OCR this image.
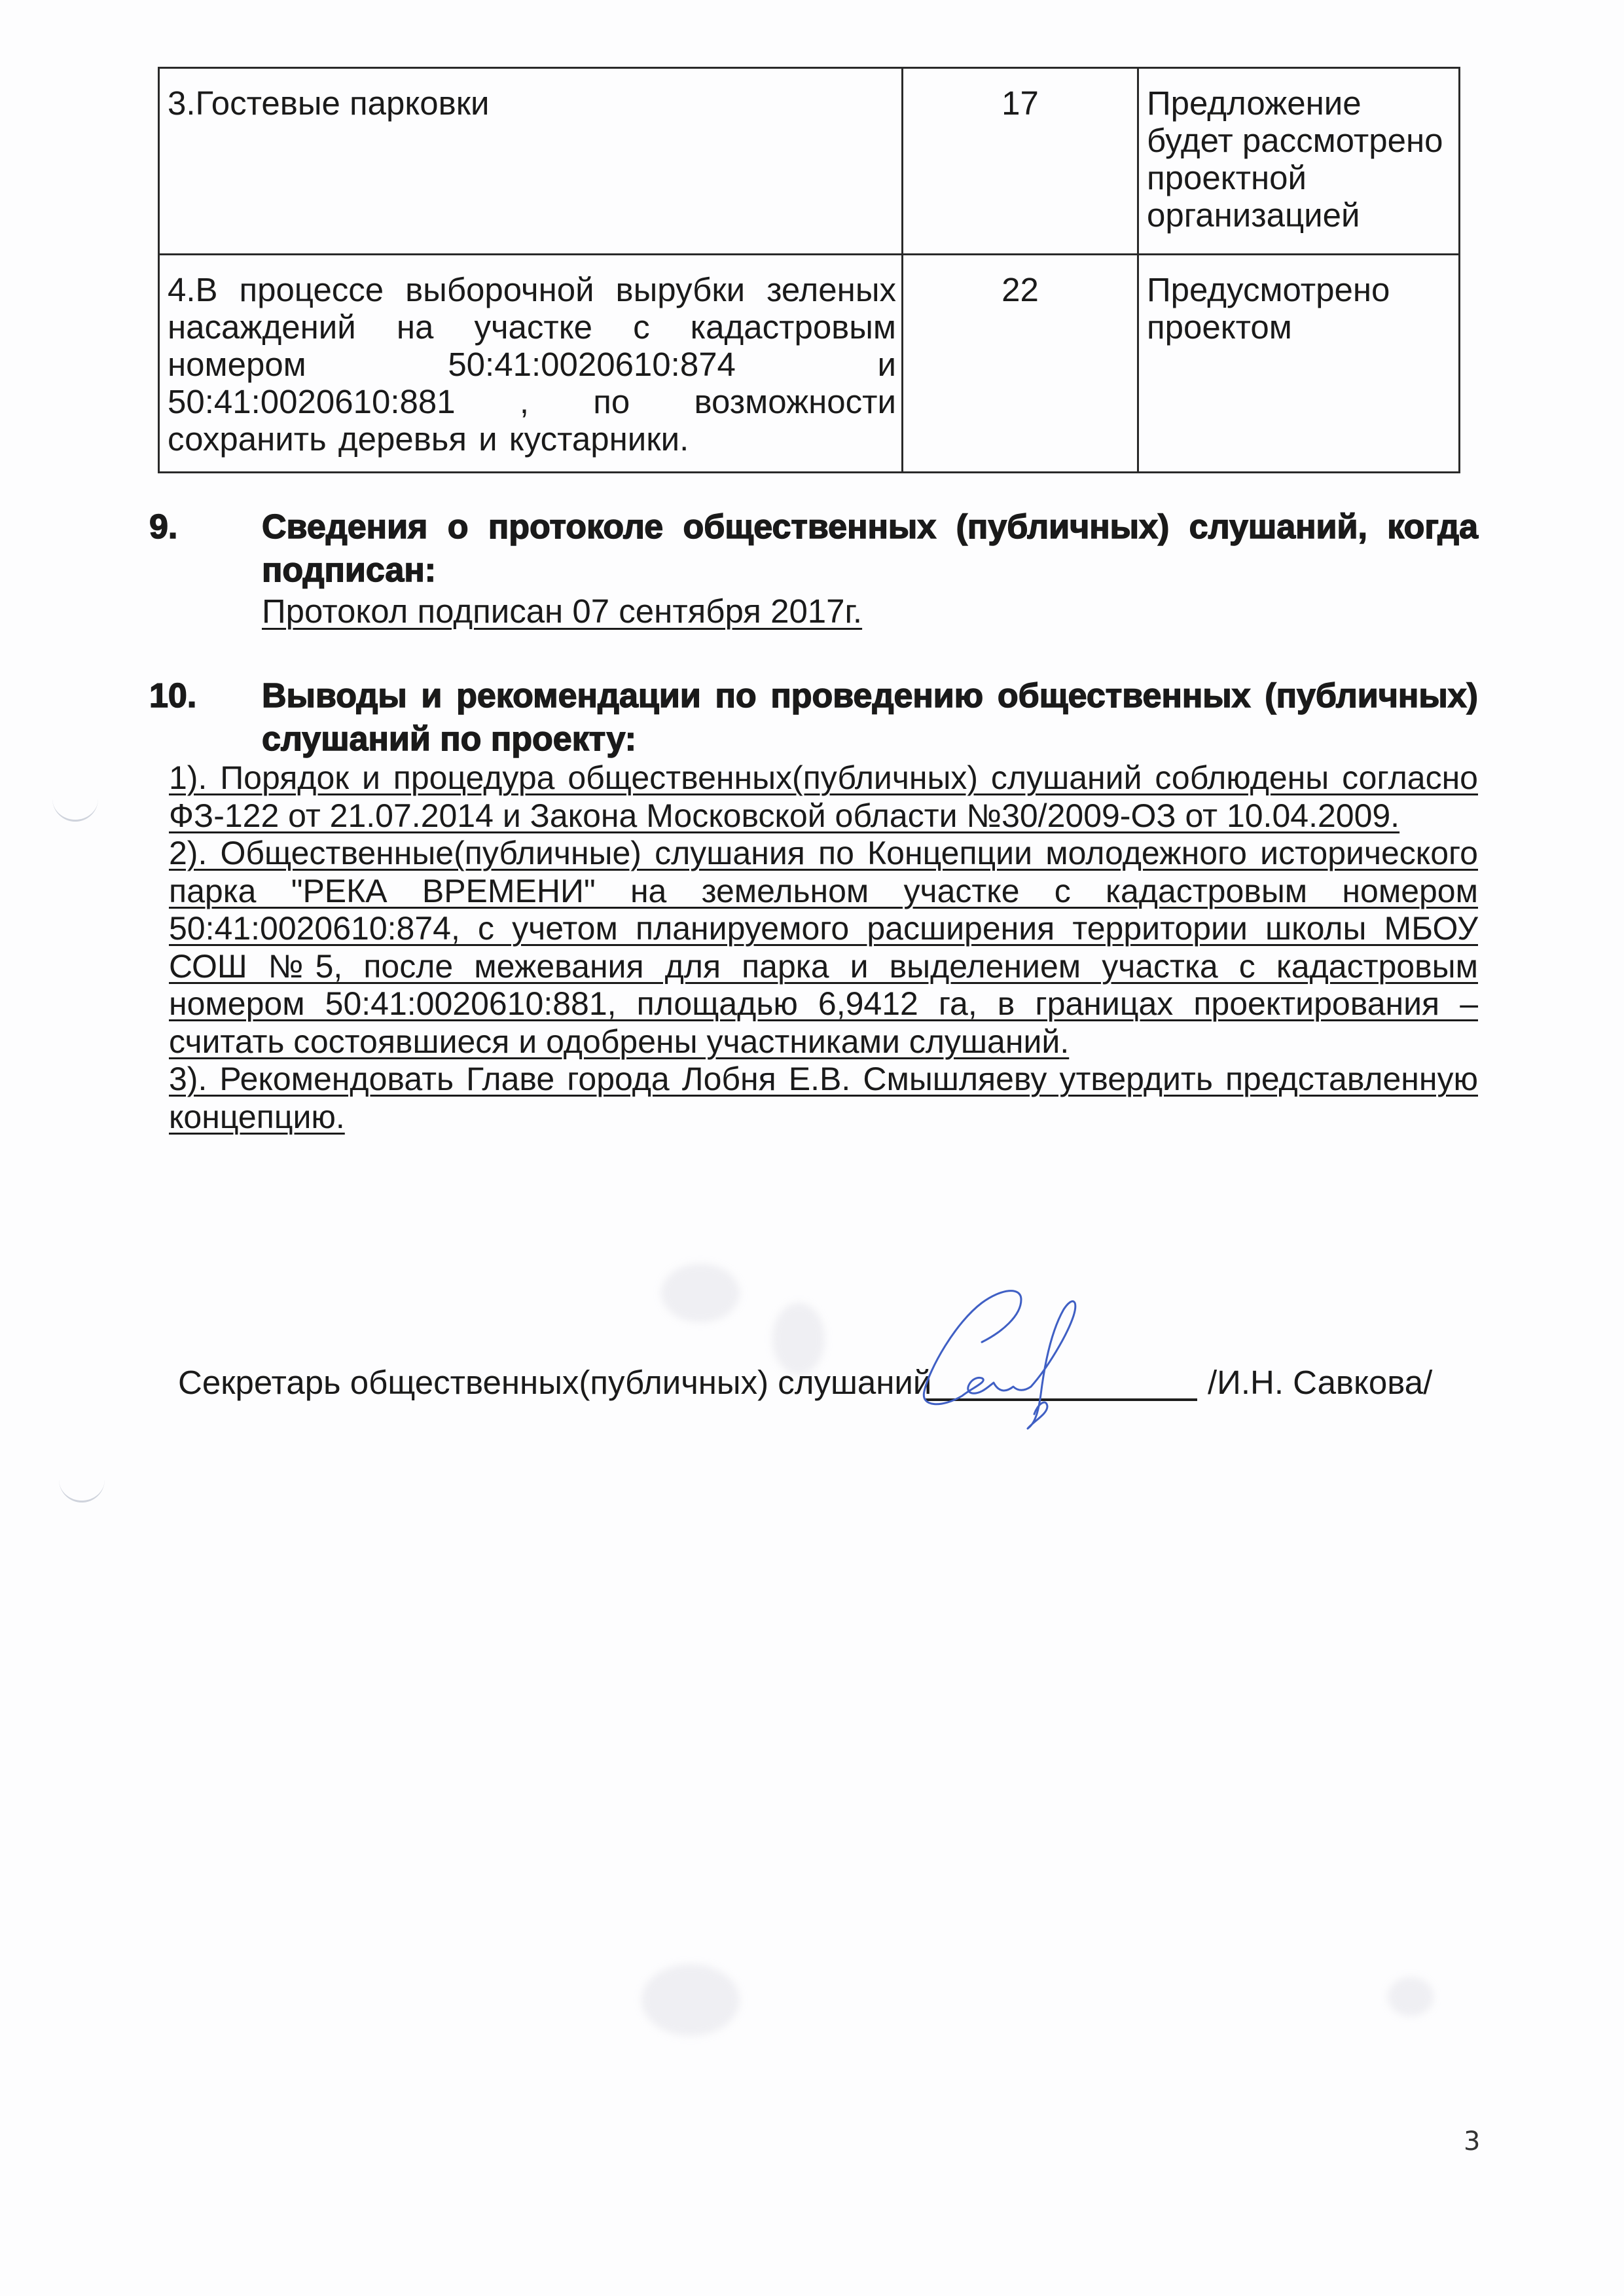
3.Гостевые парковки	17	Предложение будет рассмотрено проектной организацией
4.В процессе выборочной вырубки зеленых насаждений на участке с кадастровым номером 50:41:0020610:874 и 50:41:0020610:881 , по возможности сохранить деревья и кустарники.	22	Предусмотрено проектом
9. Сведения о протоколе общественных (публичных) слушаний, когда подписан:
Протокол подписан 07 сентября 2017г.
10. Выводы и рекомендации по проведению общественных (публичных) слушаний по проекту:

1). Порядок и процедура общественных(публичных) слушаний соблюдены согласно ФЗ-122 от 21.07.2014 и Закона Московской области №30/2009-ОЗ от 10.04.2009.

2). Общественные(публичные) слушания по Концепции молодежного исторического парка "РЕКА ВРЕМЕНИ" на земельном участке с кадастровым номером 50:41:0020610:874, с учетом планируемого расширения территории школы МБОУ СОШ №5, после межевания для парка и выделением участка с кадастровым номером 50:41:0020610:881, площадью 6,9412 га, в границах проектирования – считать состоявшиеся и одобрены участниками слушаний.

3). Рекомендовать Главе города Лобня Е.В. Смышляеву утвердить представленную концепцию.

Секретарь общественных(публичных) слушаний	/И.Н. Савкова/
3
